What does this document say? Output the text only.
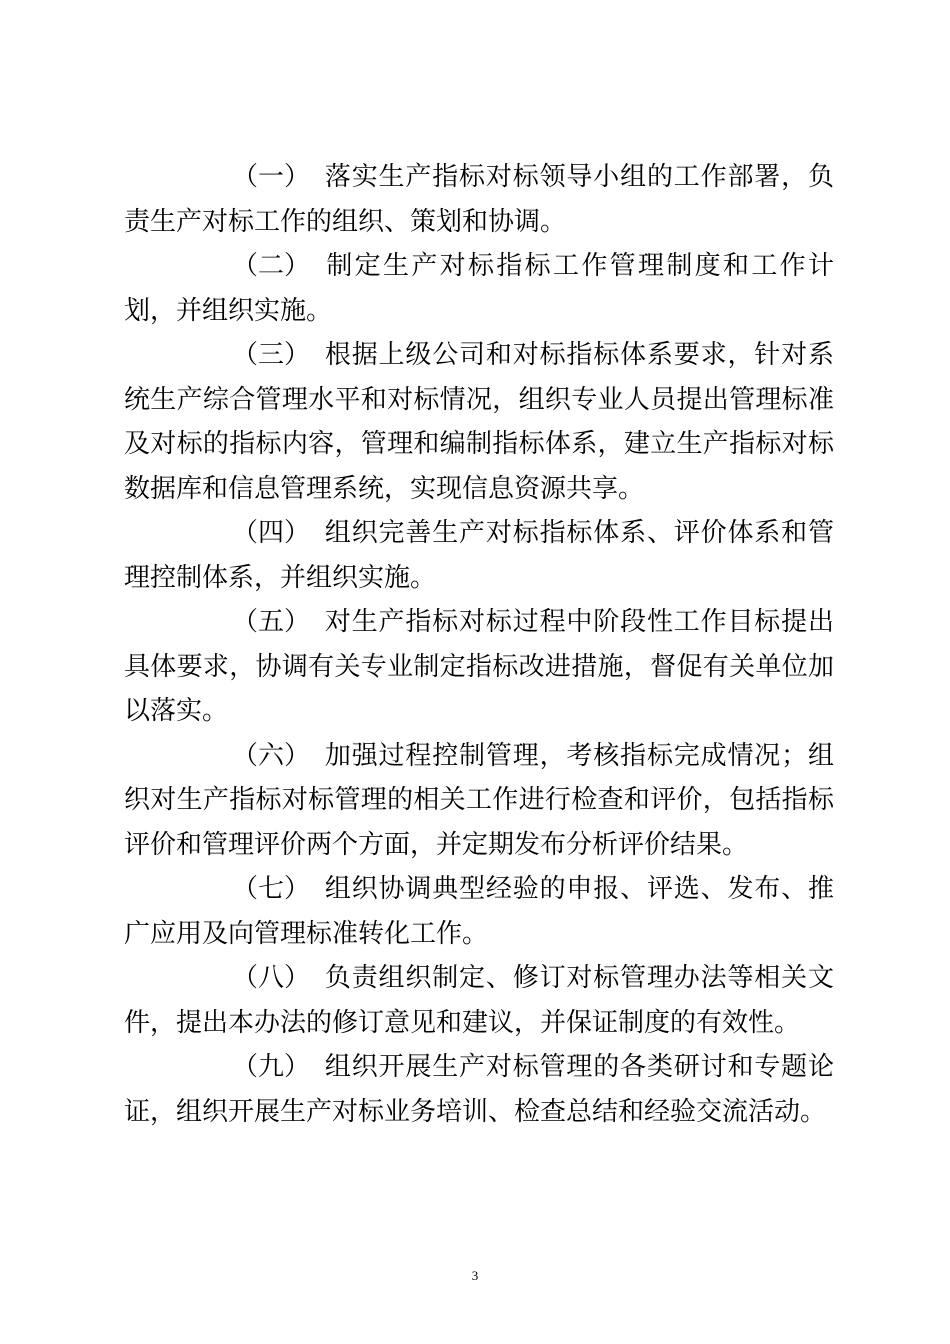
（一） 落实生产指标对标领导小组的工作部署，负责生产对标工作的组织、策划和协调。

（二） 制定生产对标指标工作管理制度和工作计划，并组织实施。

（三） 根据上级公司和对标指标体系要求，针对系统生产综合管理水平和对标情况，组织专业人员提出管理标准及对标的指标内容，管理和编制指标体系，建立生产指标对标数据库和信息管理系统，实现信息资源共享。

（四） 组织完善生产对标指标体系、评价体系和管理控制体系，并组织实施。

（五） 对生产指标对标过程中阶段性工作目标提出具体要求，协调有关专业制定指标改进措施，督促有关单位加以落实。

（六） 加强过程控制管理，考核指标完成情况；组织对生产指标对标管理的相关工作进行检查和评价，包括指标评价和管理评价两个方面，并定期发布分析评价结果。

（七） 组织协调典型经验的申报、评选、发布、推广应用及向管理标准转化工作。

（八） 负责组织制定、修订对标管理办法等相关文件，提出本办法的修订意见和建议，并保证制度的有效性。

（九） 组织开展生产对标管理的各类研讨和专题论证，组织开展生产对标业务培训、检查总结和经验交流活动。

3
